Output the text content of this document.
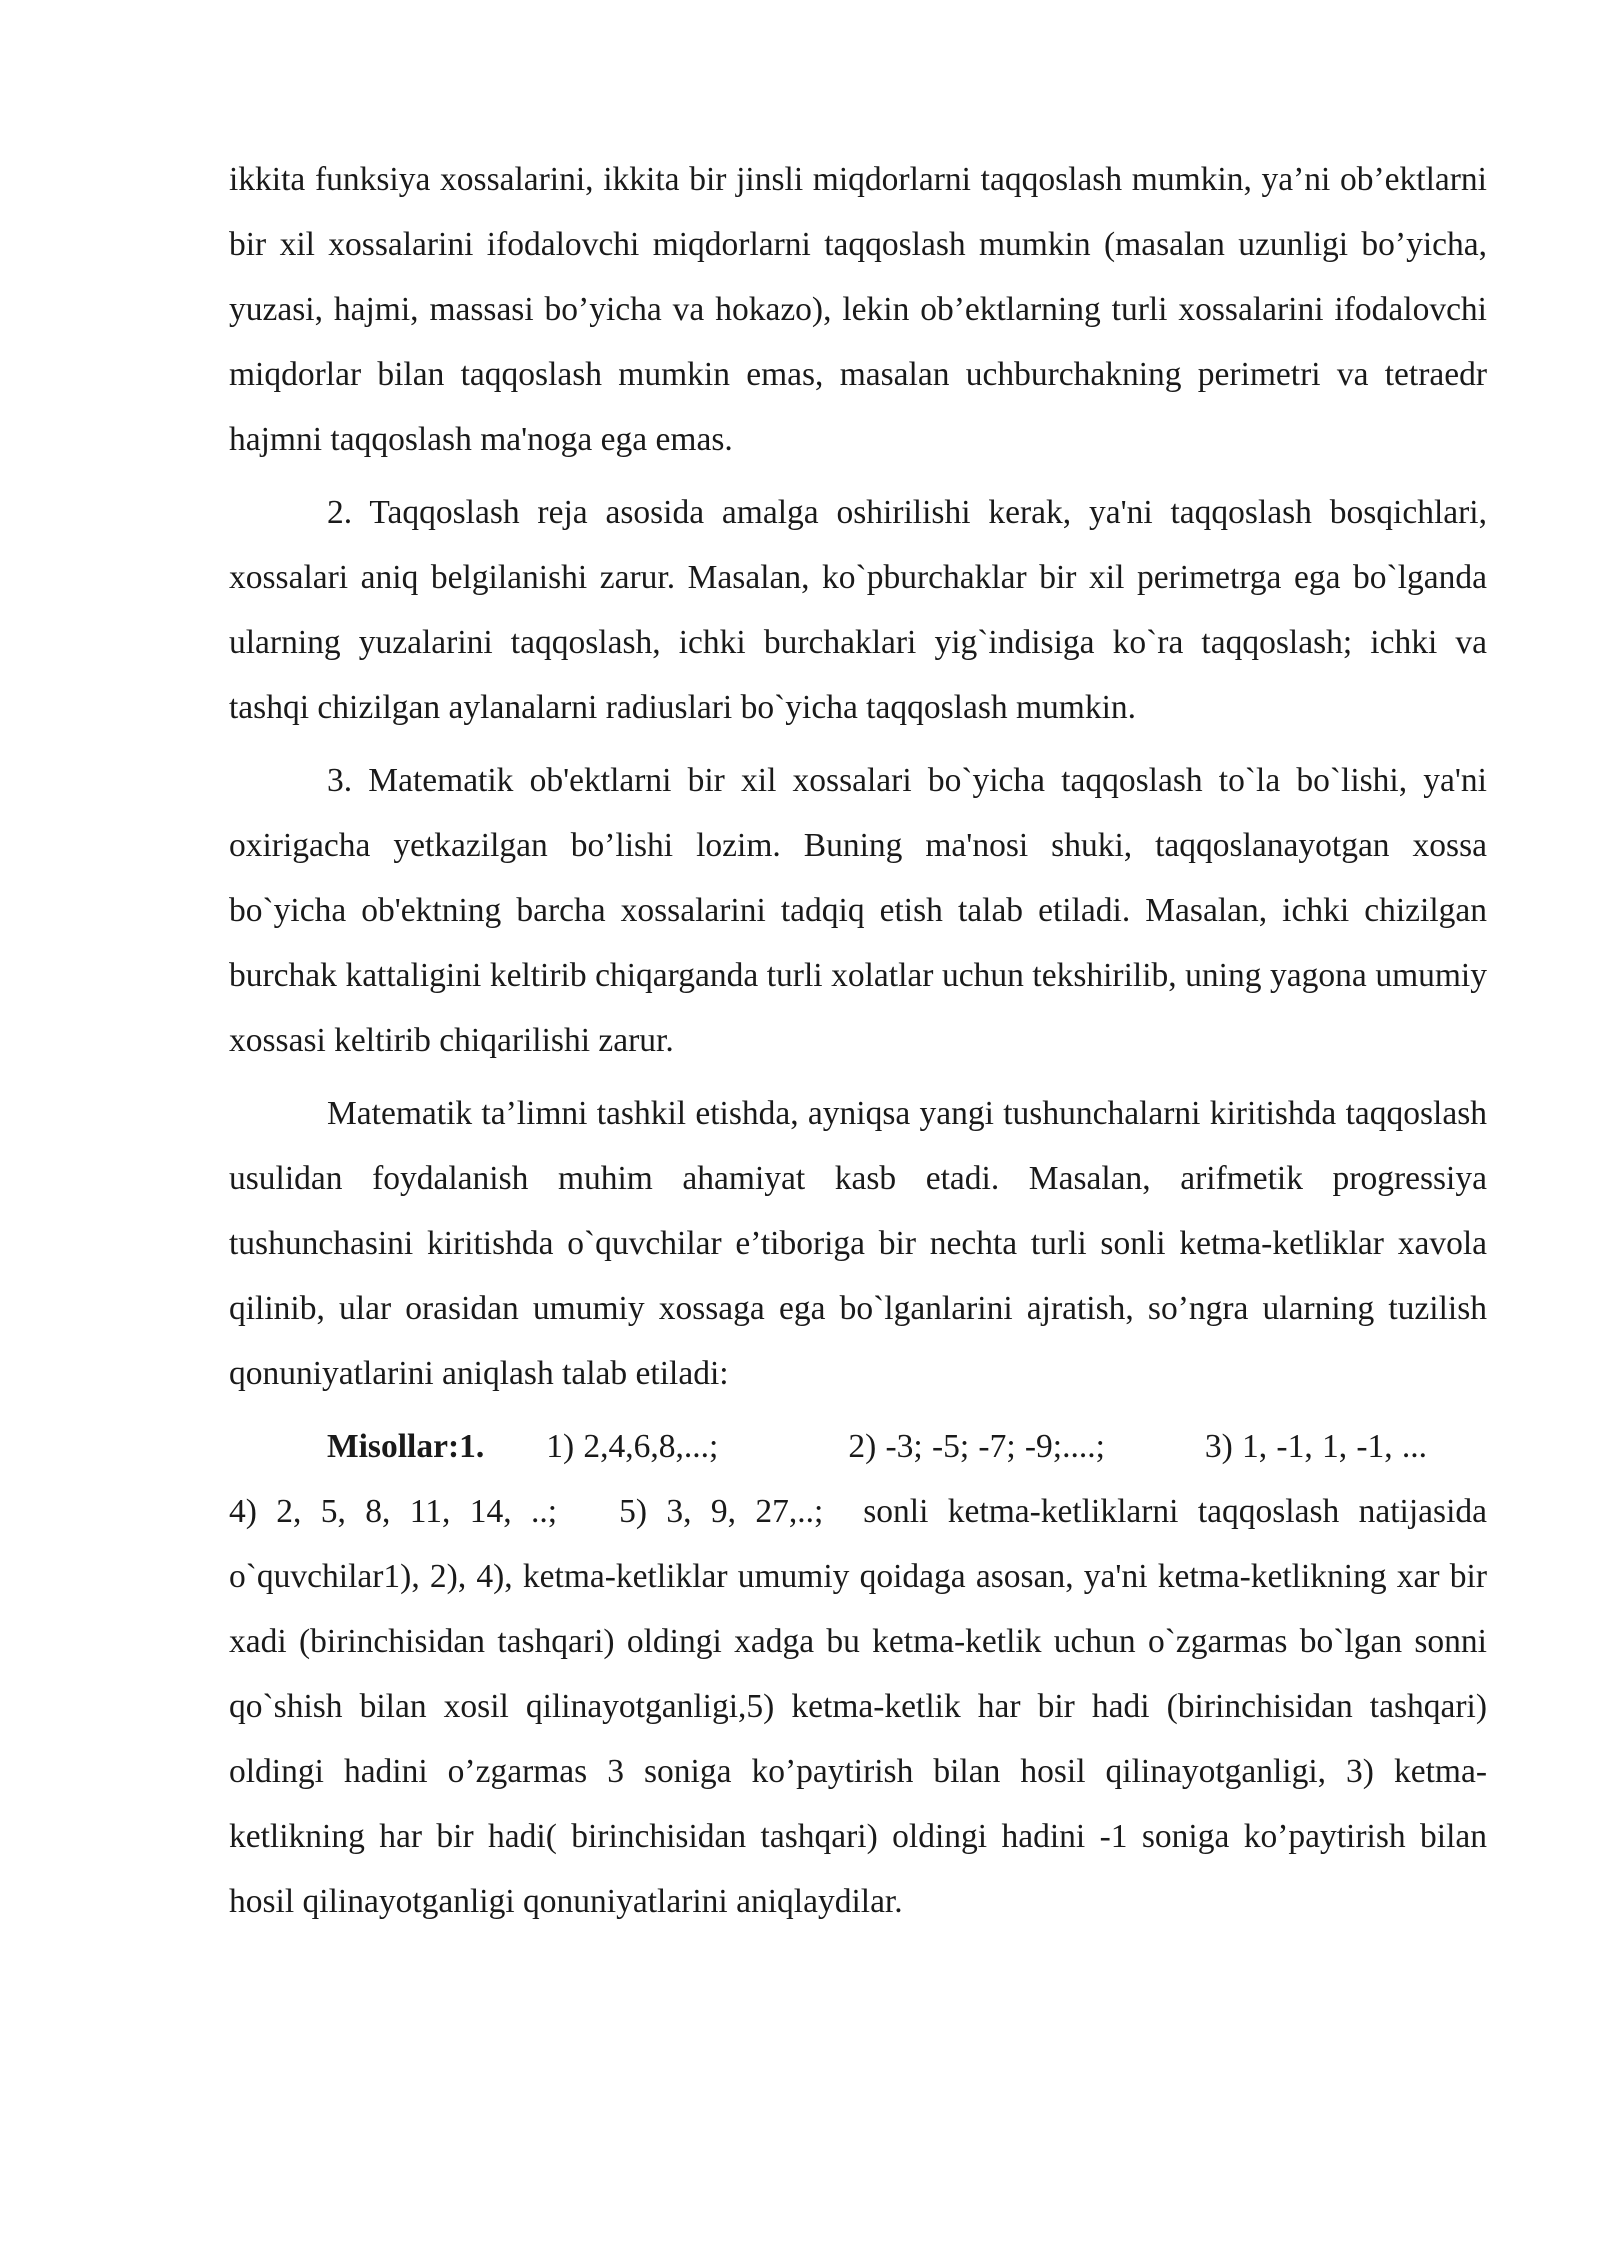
ikkita funksiya xossalarini, ikkita bir jinsli miqdorlarni taqqoslash mumkin, ya’ni ob’ektlarni bir xil xossalarini ifodalovchi miqdorlarni taqqoslash mumkin (masalan uzunligi bo’yicha, yuzasi, hajmi, massasi bo’yicha va hokazo), lekin ob’ektlarning turli xossalarini ifodalovchi miqdorlar bilan taqqoslash mumkin emas, masalan uchburchakning perimetri va tetraedr hajmni taqqoslash ma'noga ega emas.

2. Taqqoslash reja asosida amalga oshirilishi kerak, ya'ni taqqoslash bosqichlari, xossalari aniq belgilanishi zarur. Masalan, ko`pburchaklar bir xil perimetrga ega bo`lganda ularning yuzalarini taqqoslash, ichki burchaklari yig`indisiga ko`ra taqqoslash; ichki va tashqi chizilgan aylanalarni radiuslari bo`yicha taqqoslash mumkin.

3. Matematik ob'ektlarni bir xil xossalari bo`yicha taqqoslash to`la bo`lishi, ya'ni oxirigacha yetkazilgan bo’lishi lozim. Buning ma'nosi shuki, taqqoslanayotgan xossa bo`yicha ob'ektning barcha xossalarini tadqiq etish talab etiladi. Masalan, ichki chizilgan burchak kattaligini keltirib chiqarganda turli xolatlar uchun tekshirilib, uning yagona umumiy xossasi keltirib chiqarilishi zarur.

Matematik ta’limni tashkil etishda, ayniqsa yangi tushunchalarni kiritishda taqqoslash usulidan foydalanish muhim ahamiyat kasb etadi. Masalan, arifmetik progressiya tushunchasini kiritishda o`quvchilar e’tiboriga bir nechta turli sonli ketma-ketliklar xavola qilinib, ular orasidan umumiy xossaga ega bo`lganlarini ajratish, so’ngra ularning tuzilish qonuniyatlarini aniqlash talab etiladi:

Misollar:1. 1) 2,4,6,8,...;	2) -3; -5; -7; -9;....;	3) 1, -1, 1, -1, ...4) 2, 5, 8, 11, 14, ..; 5) 3, 9, 27,..; sonli ketma-ketliklarni taqqoslash natijasida o`quvchilar1), 2), 4), ketma-ketliklar umumiy qoidaga asosan, ya'ni ketma-ketlikning xar bir xadi (birinchisidan tashqari) oldingi xadga bu ketma-ketlik uchun o`zgarmas bo`lgan sonni qo`shish bilan xosil qilinayotganligi,5) ketma-ketlik har bir hadi (birinchisidan tashqari) oldingi hadini o’zgarmas 3 soniga ko’paytirish bilan hosil qilinayotganligi, 3) ketma-ketlikning har bir hadi( birinchisidan tashqari) oldingi hadini -1 soniga ko’paytirish bilan hosil qilinayotganligi qonuniyatlarini aniqlaydilar.
